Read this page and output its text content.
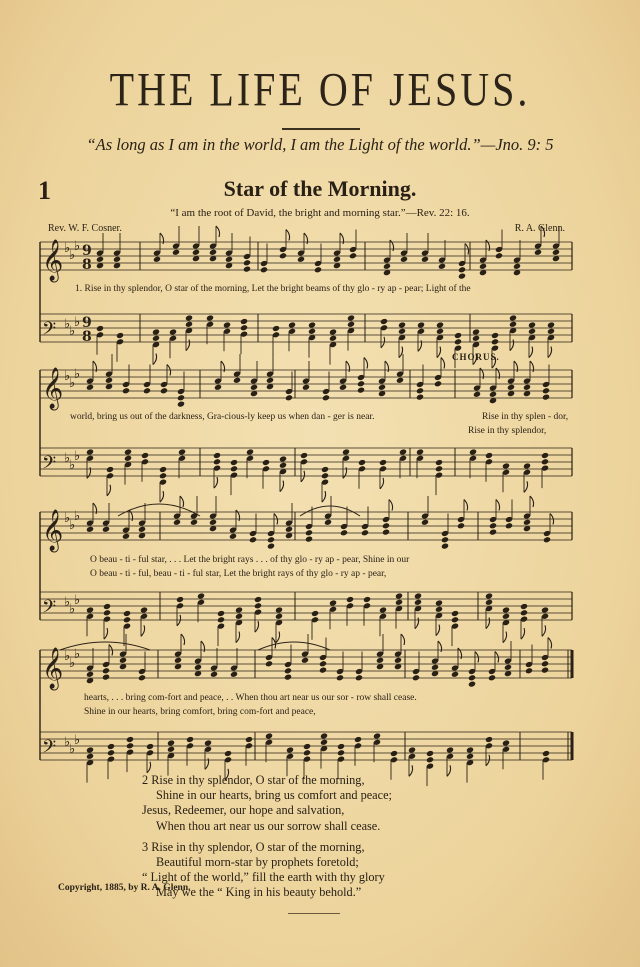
THE LIFE OF JESUS.
“As long as I am in the world, I am the Light of the world.”—Jno. 9: 5
1	Star of the Morning.
“I am the root of David, the bright and morning star.”—Rev. 22: 16.
Rev. W. F. Cosner.	R. A. Glenn.
𝄞 ♭
♭
♭ 9
8
𝄢 ♭
♭
♭ 9
8
𝄞 ♭
♭
♭
𝄢 ♭
♭
♭
𝄞 ♭
♭
♭
𝄢 ♭
♭
♭
𝄞 ♭
♭
♭
𝄢 ♭
♭
♭
1. Rise in thy splendor, O star of the morning, Let the bright beams of thy glo - ry ap - pear; Light of the
CHORUS.
world, bring us out of the darkness, Gra-cious-ly keep us when dan - ger is near.	Rise in thy splen - dor,
Rise in thy splendor,
O beau - ti - ful star, . . . Let the bright rays . . . of thy glo - ry ap - pear, Shine in our
O beau - ti - ful, beau - ti - ful star, Let the bright rays of thy glo - ry ap - pear,
hearts, . . . bring com-fort and peace, . . When thou art near us our sor - row shall cease.
Shine in our hearts, bring comfort, bring com-fort and peace,
2 Rise in thy splendor, O star of the morning,
Shine in our hearts, bring us comfort and peace;
Jesus, Redeemer, our hope and salvation,
When thou art near us our sorrow shall cease.
3 Rise in thy splendor, O star of the morning,
Beautiful morn-star by prophets foretold;
“ Light of the world,” fill the earth with thy glory
May we the “ King in his beauty behold.”
Copyright, 1885, by R. A. Glenn.
